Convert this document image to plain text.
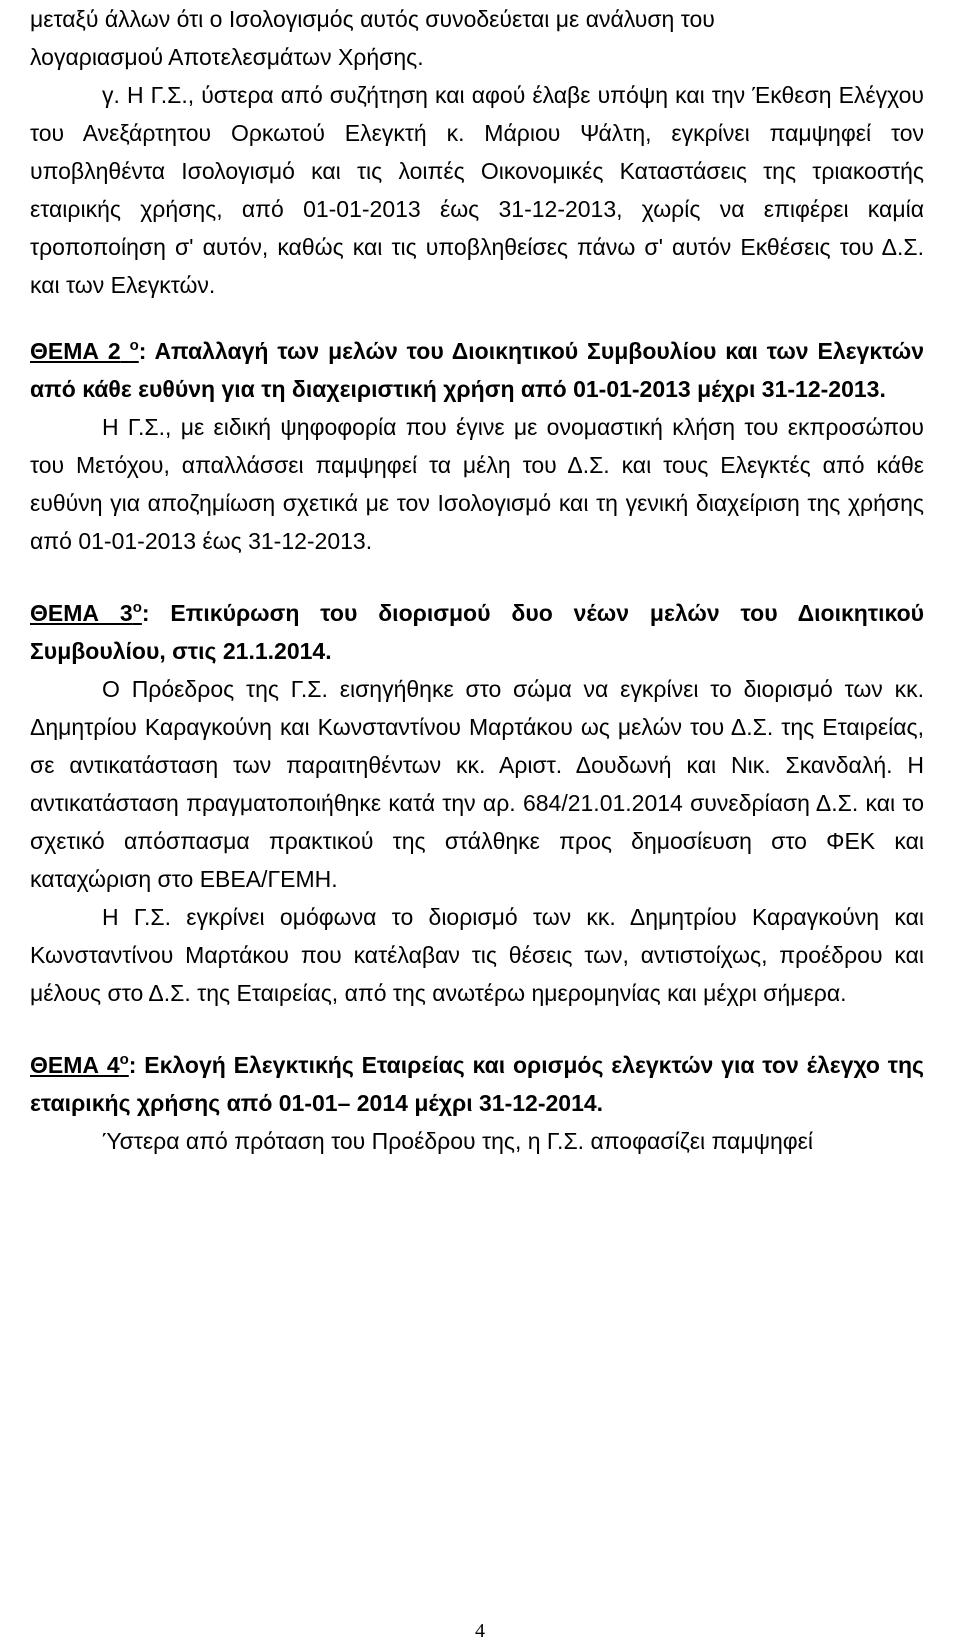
μεταξύ άλλων ότι ο Ισολογισμός αυτός συνοδεύεται με ανάλυση του
λογαριασμού Αποτελεσμάτων Χρήσης.

γ. Η Γ.Σ., ύστερα από συζήτηση και αφού έλαβε υπόψη και την Έκθεση Ελέγχου του Ανεξάρτητου Ορκωτού Ελεγκτή κ. Μάριου Ψάλτη, εγκρίνει παμψηφεί τον υποβληθέντα Ισολογισμό και τις λοιπές Οικονομικές Καταστάσεις της τριακοστής εταιρικής χρήσης, από 01-01-2013 έως 31-12-2013, χωρίς να επιφέρει καμία τροποποίηση σ' αυτόν, καθώς και τις υποβληθείσες πάνω σ' αυτόν Εκθέσεις του Δ.Σ. και των Ελεγκτών.

ΘΕΜΑ 2 $^o$: Απαλλαγή των μελών του Διοικητικού Συμβουλίου και των Ελεγκτών από κάθε ευθύνη για τη διαχειριστική χρήση από 01-01-2013 μέχρι 31-12-2013.

Η Γ.Σ., με ειδική ψηφοφορία που έγινε με ονομαστική κλήση του εκπροσώπου του Μετόχου, απαλλάσσει παμψηφεί τα μέλη του Δ.Σ. και τους Ελεγκτές από κάθε ευθύνη για αποζημίωση σχετικά με τον Ισολογισμό και τη γενική διαχείριση της χρήσης από 01-01-2013 έως 31-12-2013.

ΘΕΜΑ $3^o$: Επικύρωση του διορισμού δυο νέων μελών του Διοικητικού Συμβουλίου, στις 21.1.2014.

Ο Πρόεδρος της Γ.Σ. εισηγήθηκε στο σώμα να εγκρίνει το διορισμό των κκ. Δημητρίου Καραγκούνη και Κωνσταντίνου Μαρτάκου ως μελών του Δ.Σ. της Εταιρείας, σε αντικατάσταση των παραιτηθέντων κκ. Αριστ. Δουδωνή και Νικ. Σκανδαλή. Η αντικατάσταση πραγματοποιήθηκε κατά την αρ. 684/21.01.2014 συνεδρίαση Δ.Σ. και το σχετικό απόσπασμα πρακτικού της στάλθηκε προς δημοσίευση στο ΦΕΚ και καταχώριση στο ΕΒΕΑ/ΓΕΜΗ.

Η Γ.Σ. εγκρίνει ομόφωνα το διορισμό των κκ. Δημητρίου Καραγκούνη και Κωνσταντίνου Μαρτάκου που κατέλαβαν τις θέσεις των, αντιστοίχως, προέδρου και μέλους στο Δ.Σ. της Εταιρείας, από της ανωτέρω ημερομηνίας και μέχρι σήμερα.

ΘΕΜΑ $4^o$: Εκλογή Ελεγκτικής Εταιρείας και ορισμός ελεγκτών για τον έλεγχο της εταιρικής χρήσης από 01-01– 2014 μέχρι 31-12-2014.

Ύστερα από πρόταση του Προέδρου της, η Γ.Σ. αποφασίζει παμψηφεί

4
